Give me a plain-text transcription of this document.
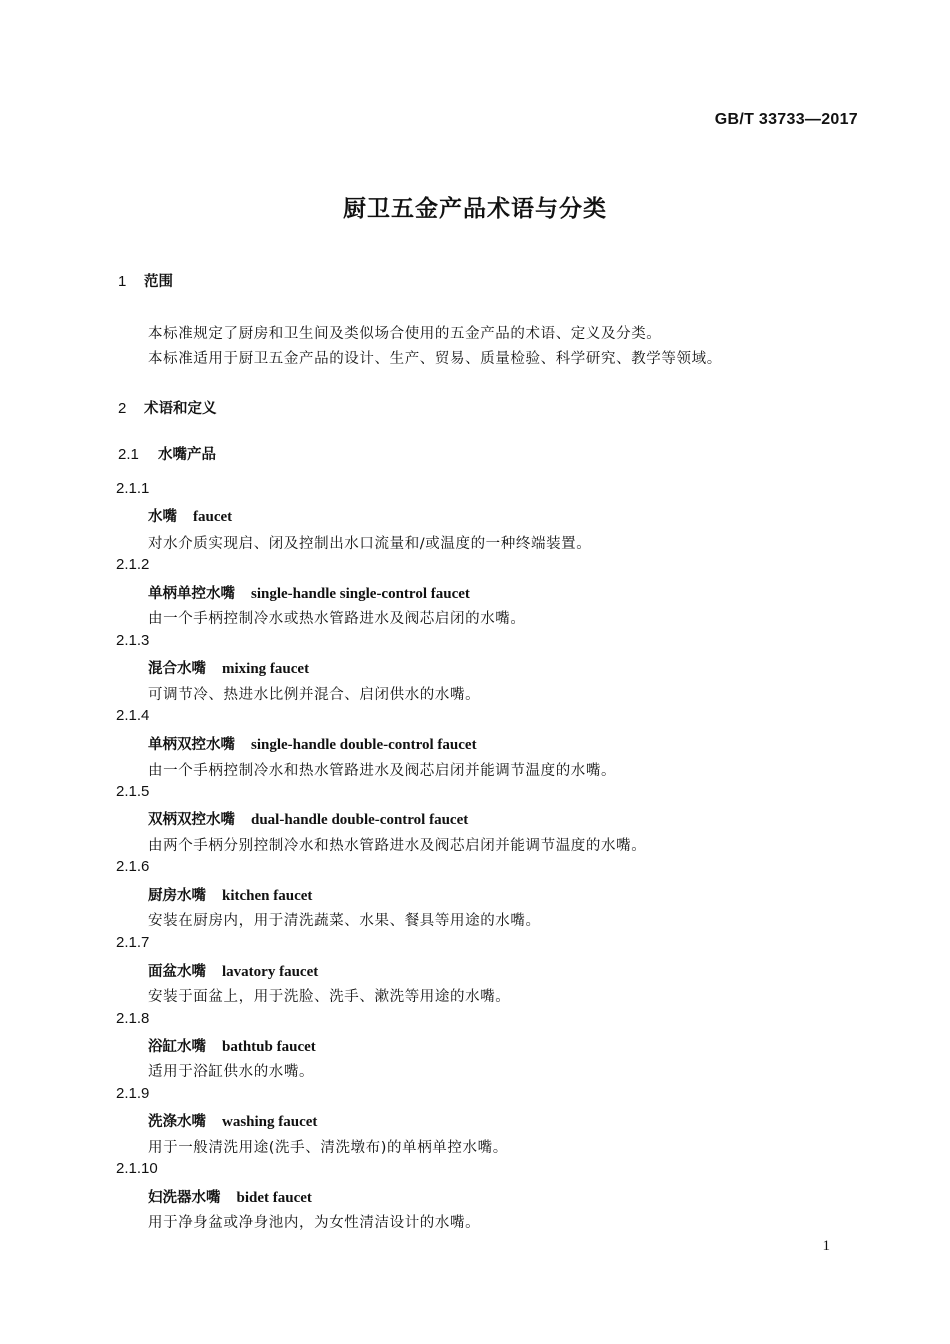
GB/T 33733—2017
厨卫五金产品术语与分类
1 范围
本标准规定了厨房和卫生间及类似场合使用的五金产品的术语、定义及分类。
本标准适用于厨卫五金产品的设计、生产、贸易、质量检验、科学研究、教学等领域。
2 术语和定义
2.1 水嘴产品
2.1.1
水嘴 faucet
对水介质实现启、闭及控制出水口流量和/或温度的一种终端装置。
2.1.2
单柄单控水嘴 single-handle single-control faucet
由一个手柄控制冷水或热水管路进水及阀芯启闭的水嘴。
2.1.3
混合水嘴 mixing faucet
可调节冷、热进水比例并混合、启闭供水的水嘴。
2.1.4
单柄双控水嘴 single-handle double-control faucet
由一个手柄控制冷水和热水管路进水及阀芯启闭并能调节温度的水嘴。
2.1.5
双柄双控水嘴 dual-handle double-control faucet
由两个手柄分别控制冷水和热水管路进水及阀芯启闭并能调节温度的水嘴。
2.1.6
厨房水嘴 kitchen faucet
安装在厨房内，用于清洗蔬菜、水果、餐具等用途的水嘴。
2.1.7
面盆水嘴 lavatory faucet
安装于面盆上，用于洗脸、洗手、漱洗等用途的水嘴。
2.1.8
浴缸水嘴 bathtub faucet
适用于浴缸供水的水嘴。
2.1.9
洗涤水嘴 washing faucet
用于一般清洗用途(洗手、清洗墩布)的单柄单控水嘴。
2.1.10
妇洗器水嘴 bidet faucet
用于净身盆或净身池内，为女性清洁设计的水嘴。
1
